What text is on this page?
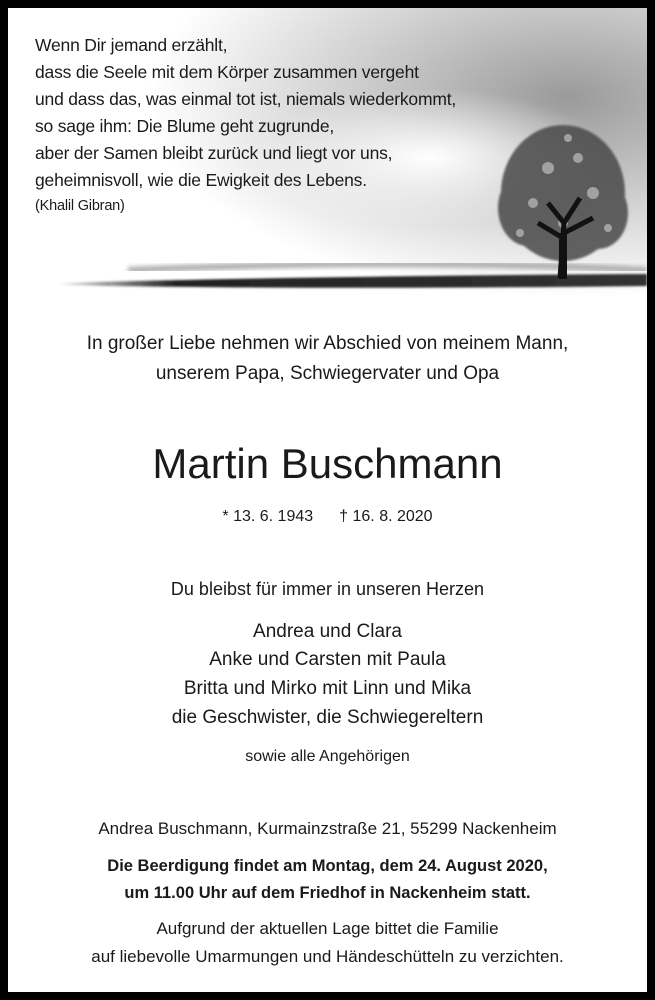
Wenn Dir jemand erzählt,
dass die Seele mit dem Körper zusammen vergeht
und dass das, was einmal tot ist, niemals wiederkommt,
so sage ihm: Die Blume geht zugrunde,
aber der Samen bleibt zurück und liegt vor uns,
geheimnisvoll, wie die Ewigkeit des Lebens.
(Khalil Gibran)
In großer Liebe nehmen wir Abschied von meinem Mann,
unserem Papa, Schwiegervater und Opa
Martin Buschmann
* 13. 6. 1943 † 16. 8. 2020
Du bleibst für immer in unseren Herzen
Andrea und Clara
Anke und Carsten mit Paula
Britta und Mirko mit Linn und Mika
die Geschwister, die Schwiegereltern
sowie alle Angehörigen
Andrea Buschmann, Kurmainzstraße 21, 55299 Nackenheim
Die Beerdigung findet am Montag, dem 24. August 2020,
um 11.00 Uhr auf dem Friedhof in Nackenheim statt.
Aufgrund der aktuellen Lage bittet die Familie
auf liebevolle Umarmungen und Händeschütteln zu verzichten.
